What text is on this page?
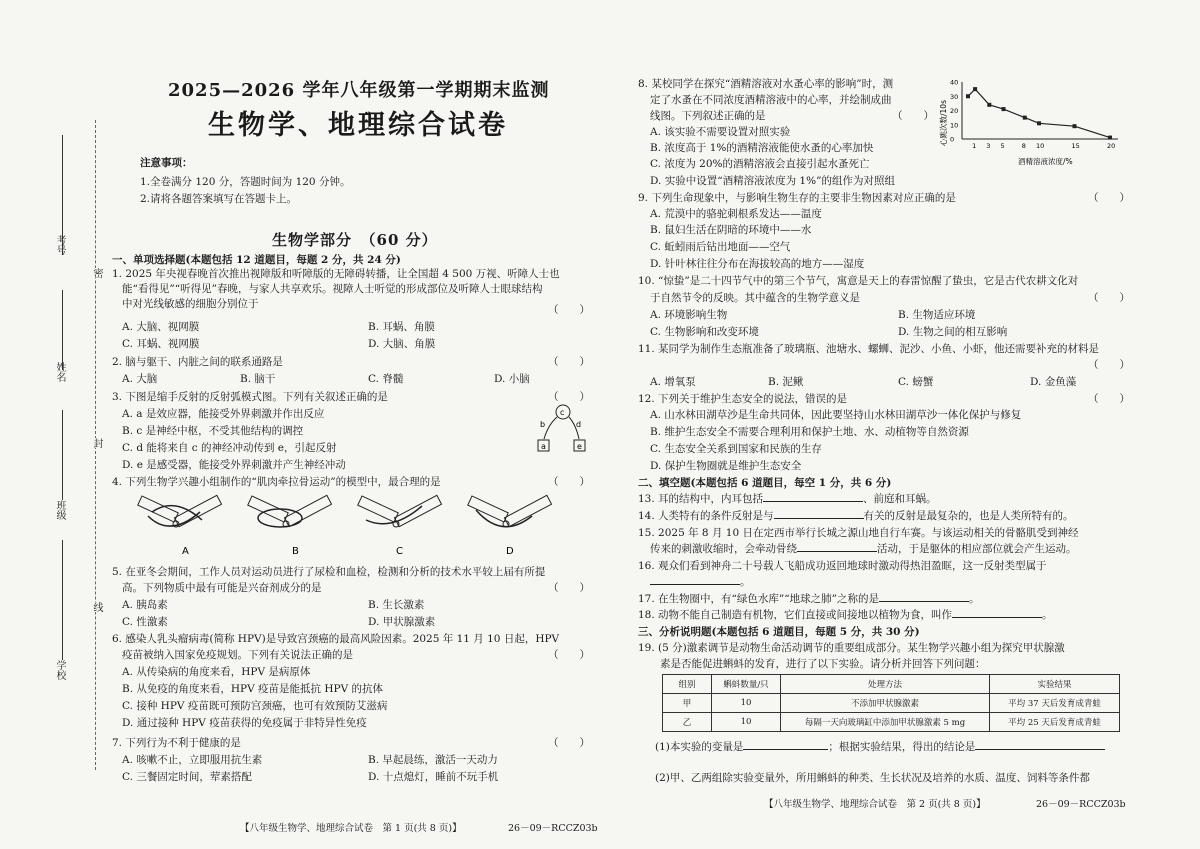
考号
姓名
班级
学校
密
封
线
2025—2026 学年八年级第一学期期末监测
生物学、地理综合试卷
注意事项：
1.全卷满分 120 分，答题时间为 120 分钟。
2.请将各题答案填写在答题卡上。
生物学部分　（60 分）
一、单项选择题(本题包括 12 道题目，每题 2 分，共 24 分)
1. 2025 年央视春晚首次推出视障版和听障版的无障碍转播，让全国超 4 500 万视、听障人士也
能“看得见”“听得见”春晚，与家人共享欢乐。视障人士听觉的形成部位及听障人士眼球结构
中对光线敏感的细胞分别位于	（　　）
A. 大脑、视网膜	B. 耳蜗、角膜
C. 耳蜗、视网膜	D. 大脑、角膜
2. 脑与躯干、内脏之间的联系通路是	（　　）
A. 大脑	B. 脑干	C. 脊髓	D. 小脑
3. 下图是缩手反射的反射弧模式图。下列有关叙述正确的是	（　　）
A. a 是效应器，能接受外界刺激并作出反应
B. c 是神经中枢，不受其他结构的调控
C. d 能将来自 c 的神经冲动传到 e，引起反射
D. e 是感受器，能接受外界刺激并产生神经冲动
c
b	d
a	e
4. 下列生物学兴趣小组制作的“肌肉牵拉骨运动”的模型中，最合理的是	（　　）
A	B	C	D
5. 在亚冬会期间，工作人员对运动员进行了尿检和血检，检测和分析的技术水平较上届有所提
高。下列物质中最有可能是兴奋剂成分的是	（　　）
A. 胰岛素	B. 生长激素
C. 性激素	D. 甲状腺激素
6. 感染人乳头瘤病毒(简称 HPV)是导致宫颈癌的最高风险因素。2025 年 11 月 10 日起，HPV
疫苗被纳入国家免疫规划。下列有关说法正确的是	（　　）
A. 从传染病的角度来看，HPV 是病原体
B. 从免疫的角度来看，HPV 疫苗是能抵抗 HPV 的抗体
C. 接种 HPV 疫苗既可预防宫颈癌，也可有效预防艾滋病
D. 通过接种 HPV 疫苗获得的免疫属于非特异性免疫
7. 下列行为不利于健康的是	（　　）
A. 咳嗽不止，立即服用抗生素	B. 早起晨练，激活一天动力
C. 三餐固定时间，荤素搭配	D. 十点熄灯，睡前不玩手机
【八年级生物学、地理综合试卷　第 1 页(共 8 页)】	26－09－RCCZ03b
8. 某校同学在探究“酒精溶液对水蚤心率的影响”时，测
定了水蚤在不同浓度酒精溶液中的心率，并绘制成曲
线图。下列叙述正确的是	（　　）
A. 该实验不需要设置对照实验
B. 浓度高于 1%的酒精溶液能使水蚤的心率加快
C. 浓度为 20%的酒精溶液会直接引起水蚤死亡
D. 实验中设置“酒精溶液浓度为 1%”的组作为对照组
心跳次数/10s
酒精溶液浓度/%
0
10
20
30
40
1 3 5	8 10	15	20
9. 下列生命现象中，与影响生物生存的主要非生物因素对应正确的是	（　　）
A. 荒漠中的骆驼刺根系发达——温度
B. 鼠妇生活在阴暗的环境中——水
C. 蚯蚓雨后钻出地面——空气
D. 针叶林往往分布在海拔较高的地方——湿度
10. “惊蛰”是二十四节气中的第三个节气，寓意是天上的春雷惊醒了蛰虫，它是古代农耕文化对
于自然节令的反映。其中蕴含的生物学意义是	（　　）
A. 环境影响生物	B. 生物适应环境
C. 生物影响和改变环境	D. 生物之间的相互影响
11. 某同学为制作生态瓶准备了玻璃瓶、池塘水、螺蛳、泥沙、小鱼、小虾，他还需要补充的材料是
（　　）
A. 增氧泵	B. 泥鳅	C. 螃蟹	D. 金鱼藻
12. 下列关于维护生态安全的说法，错误的是	（　　）
A. 山水林田湖草沙是生命共同体，因此要坚持山水林田湖草沙一体化保护与修复
B. 维护生态安全不需要合理利用和保护土地、水、动植物等自然资源
C. 生态安全关系到国家和民族的生存
D. 保护生物圈就是维护生态安全
二、填空题(本题包括 6 道题目，每空 1 分，共 6 分)
13. 耳的结构中，内耳包括	、前庭和耳蜗。
14. 人类特有的条件反射是与	有关的反射是最复杂的，也是人类所特有的。
15. 2025 年 8 月 10 日在定西市举行长城之源山地自行车赛。与该运动相关的骨骼肌受到神经
传来的刺激收缩时，会牵动骨绕	活动，于是躯体的相应部位就会产生运动。
16. 观众们看到神舟二十号载人飞船成功返回地球时激动得热泪盈眶，这一反射类型属于
。
17. 在生物圈中，有“绿色水库”“地球之肺”之称的是	。
18. 动物不能自己制造有机物，它们直接或间接地以植物为食，叫作	。
三、分析说明题(本题包括 6 道题目，每题 5 分，共 30 分)
19. (5 分)激素调节是动物生命活动调节的重要组成部分。某生物学兴趣小组为探究甲状腺激
素是否能促进蝌蚪的发育，进行了以下实验。请分析并回答下列问题：
组别	蝌蚪数量/只	处理方法	实验结果
甲	10	不添加甲状腺激素	平均 37 天后发育成青蛙
乙	10	每隔一天向玻璃缸中添加甲状腺激素 5 mg	平均 25 天后发育成青蛙
(1)本实验的变量是	；根据实验结果，得出的结论是
(2)甲、乙两组除实验变量外，所用蝌蚪的种类、生长状况及培养的水质、温度、饲料等条件都
【八年级生物学、地理综合试卷　第 2 页(共 8 页)】	26－09－RCCZ03b
